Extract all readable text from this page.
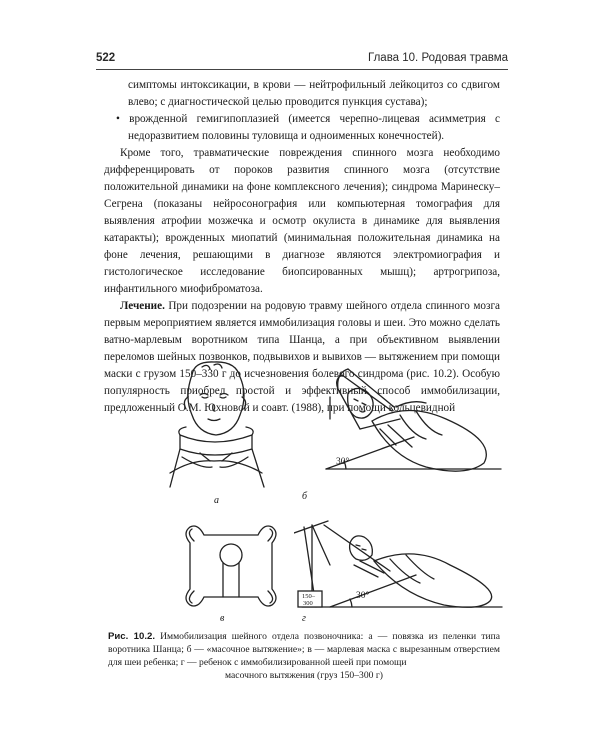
522	Глава 10. Родовая травма

симптомы интоксикации, в крови — нейтрофильный лейкоцитоз со сдвигом влево; с диагностической целью проводится пункция сустава);

• врожденной гемигипоплазией (имеется черепно-лицевая асимметрия с недоразвитием половины туловища и одноименных конечностей).

Кроме того, травматические повреждения спинного мозга необходимо дифференцировать от пороков развития спинного мозга (отсутствие положительной динамики на фоне комплексного лечения); синдрома Маринеску–Сегрена (показаны нейросонография или компьютерная томография для выявления атрофии мозжечка и осмотр окулиста в динамике для выявления катаракты); врожденных миопатий (минимальная положительная динамика на фоне лечения, решающими в диагнозе являются электромиография и гистологическое исследование биопсированных мышц); артрогрипоза, инфантильного миофиброматоза.

Лечение. При подозрении на родовую травму шейного отдела спинного мозга первым мероприятием является иммобилизация головы и шеи. Это можно сделать ватно-марлевым воротником типа Шанца, а при объективном выявлении переломов шейных позвонков, подвывихов и вывихов — вытяжением при помощи маски с грузом 150–330 г до исчезновения болевого синдрома (рис. 10.2). Особую популярность приобрел простой и эффективный способ иммобилизации, предложенный О.М. Юхновой и соавт. (1988), при помощи кольцевидной

а
30°
б
в
150–
300
30°
г

Рис. 10.2. Иммобилизация шейного отдела позвоночника: а — повязка из пеленки типа воротника Шанца; б — «масочное вытяжение»; в — марлевая маска с вырезанным отверстием для шеи ребенка; г — ребенок с иммобилизированной шеей при помощи

масочного вытяжения (груз 150–300 г)
